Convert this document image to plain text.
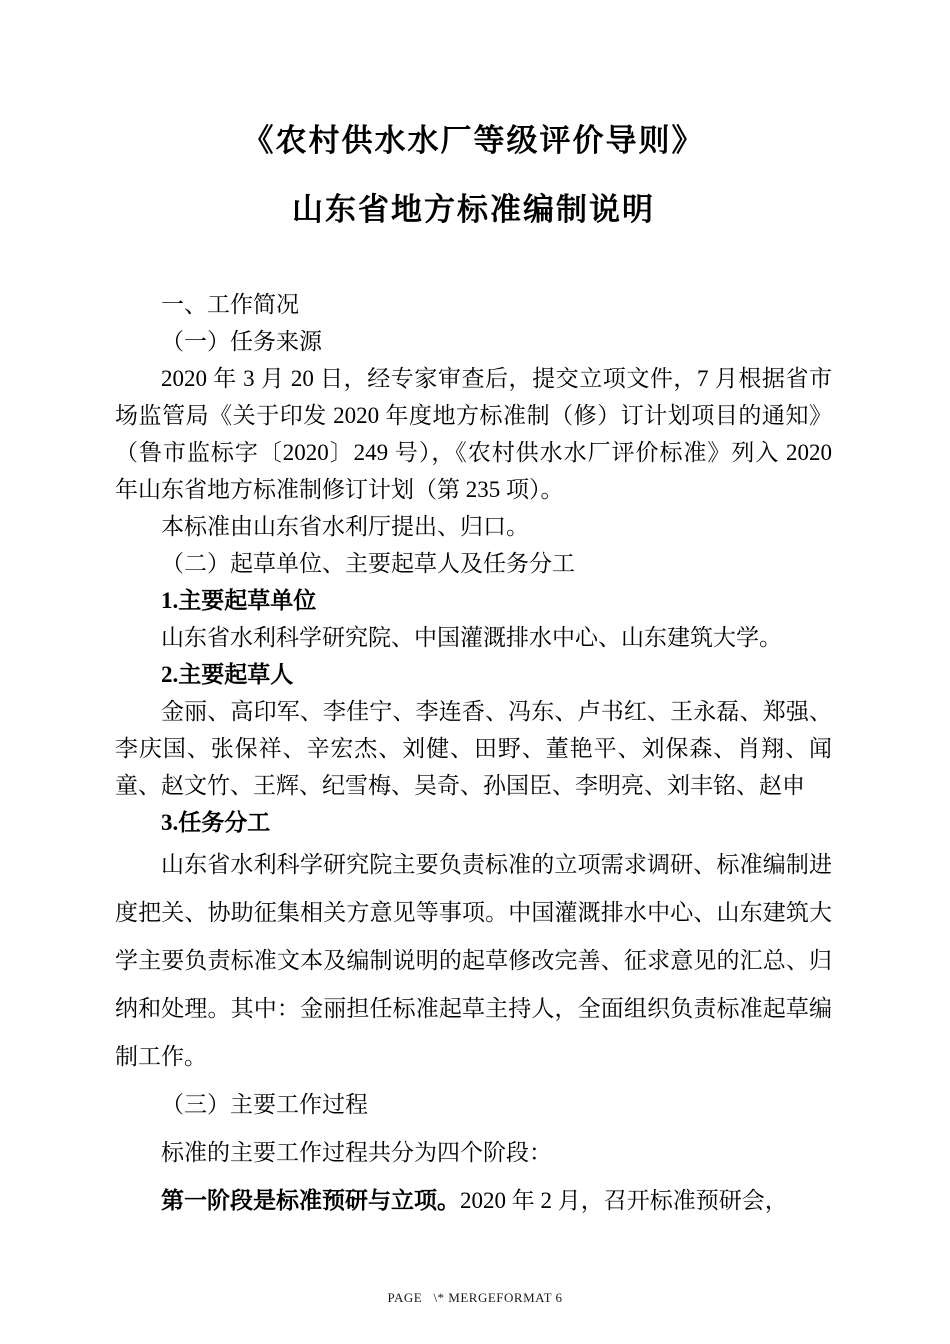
《农村供水水厂等级评价导则》
山东省地方标准编制说明

一、工作简况

（一）任务来源

2020 年 3 月 20 日，经专家审查后，提交立项文件，7 月根据省市场监管局《关于印发 2020 年度地方标准制（修）订计划项目的通知》（鲁市监标字〔2020〕249 号），《农村供水水厂评价标准》列入 2020 年山东省地方标准制修订计划（第 235 项）。

本标准由山东省水利厅提出、归口。

（二）起草单位、主要起草人及任务分工

1.主要起草单位

山东省水利科学研究院、中国灌溉排水中心、山东建筑大学。

2.主要起草人

金丽、高印军、李佳宁、李连香、冯东、卢书红、王永磊、郑强、李庆国、张保祥、辛宏杰、刘健、田野、董艳平、刘保森、肖翔、闻童、赵文竹、王辉、纪雪梅、吴奇、孙国臣、李明亮、刘丰铭、赵申

3.任务分工

山东省水利科学研究院主要负责标准的立项需求调研、标准编制进度把关、协助征集相关方意见等事项。中国灌溉排水中心、山东建筑大学主要负责标准文本及编制说明的起草修改完善、征求意见的汇总、归纳和处理。其中：金丽担任标准起草主持人，全面组织负责标准起草编制工作。

（三）主要工作过程

标准的主要工作过程共分为四个阶段：

第一阶段是标准预研与立项。2020 年 2 月，召开标准预研会，

PAGE   \* MERGEFORMAT 6
